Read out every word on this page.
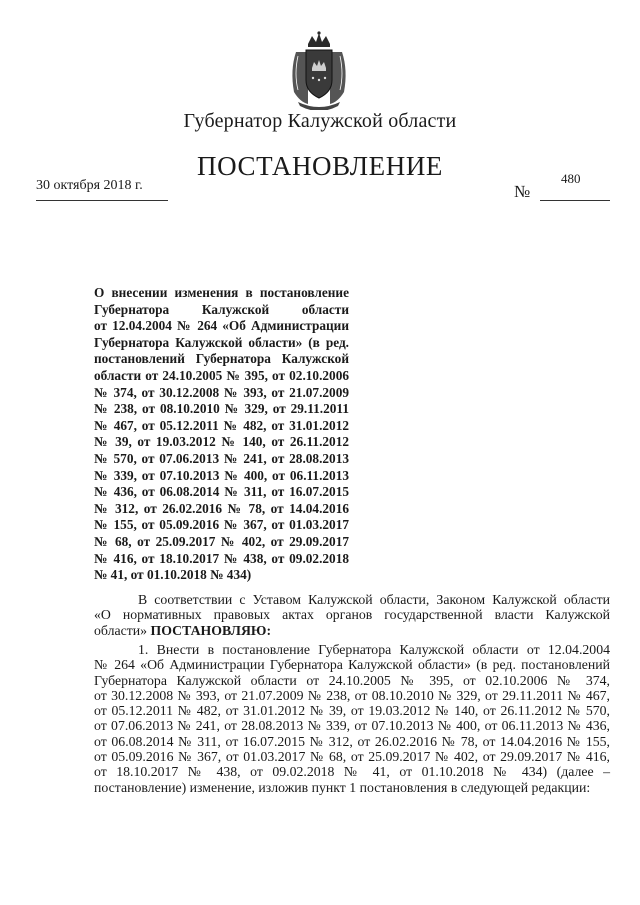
Губернатор Калужской области
ПОСТАНОВЛЕНИЕ
30 октября 2018 г.	№
480
О внесении изменения в постановление
Губернатора Калужской области
от 12.04.2004 № 264 «Об Администрации
Губернатора Калужской области» (в ред.
постановлений Губернатора Калужской
области от 24.10.2005 № 395, от 02.10.2006
№ 374, от 30.12.2008 № 393, от 21.07.2009
№ 238, от 08.10.2010 № 329, от 29.11.2011
№ 467, от 05.12.2011 № 482, от 31.01.2012
№ 39, от 19.03.2012 № 140, от 26.11.2012
№ 570, от 07.06.2013 № 241, от 28.08.2013
№ 339, от 07.10.2013 № 400, от 06.11.2013
№ 436, от 06.08.2014 № 311, от 16.07.2015
№ 312, от 26.02.2016 № 78, от 14.04.2016
№ 155, от 05.09.2016 № 367, от 01.03.2017
№ 68, от 25.09.2017 № 402, от 29.09.2017
№ 416, от 18.10.2017 № 438, от 09.02.2018
№ 41, от 01.10.2018 № 434)
В соответствии с Уставом Калужской области, Законом Калужской области
«О нормативных правовых актах органов государственной власти Калужской
области» ПОСТАНОВЛЯЮ:
1. Внести в постановление Губернатора Калужской области от 12.04.2004
№ 264 «Об Администрации Губернатора Калужской области» (в ред. постановлений
Губернатора Калужской области от 24.10.2005 № 395, от 02.10.2006 № 374,
от 30.12.2008 № 393, от 21.07.2009 № 238, от 08.10.2010 № 329, от 29.11.2011 № 467,
от 05.12.2011 № 482, от 31.01.2012 № 39, от 19.03.2012 № 140, от 26.11.2012 № 570,
от 07.06.2013 № 241, от 28.08.2013 № 339, от 07.10.2013 № 400, от 06.11.2013 № 436,
от 06.08.2014 № 311, от 16.07.2015 № 312, от 26.02.2016 № 78, от 14.04.2016 № 155,
от 05.09.2016 № 367, от 01.03.2017 № 68, от 25.09.2017 № 402, от 29.09.2017 № 416,
от 18.10.2017 № 438, от 09.02.2018 № 41, от 01.10.2018 № 434) (далее –
постановление) изменение, изложив пункт 1 постановления в следующей редакции:
